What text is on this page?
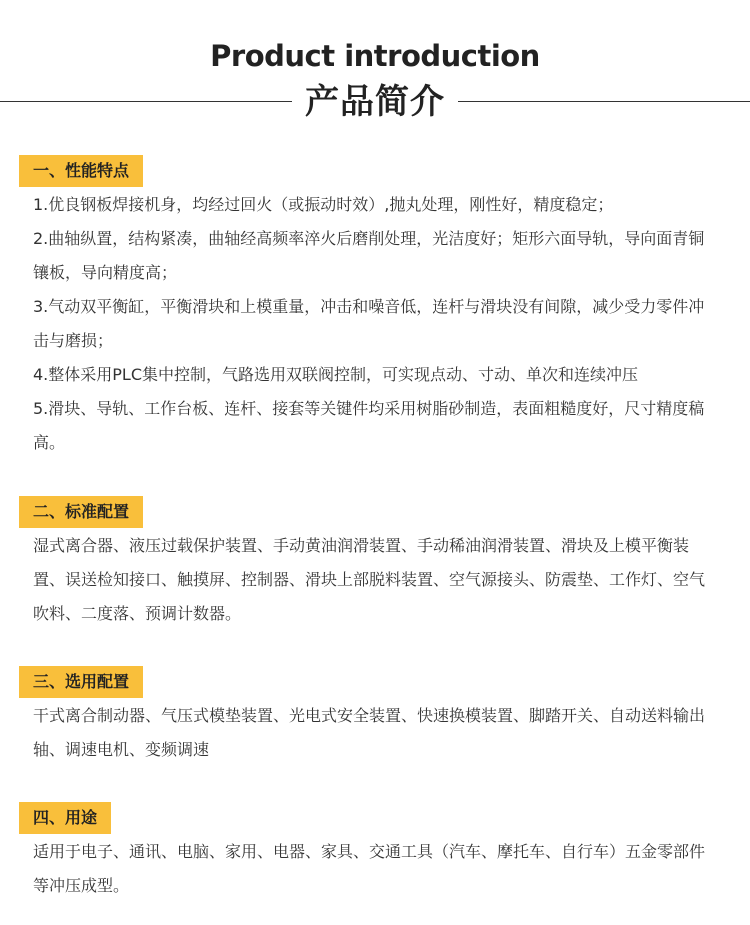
Product introduction
产品简介
一、性能特点

1.优良钢板焊接机身，均经过回火（或振动时效）,抛丸处理，刚性好，精度稳定；

2.曲轴纵置，结构紧凑，曲轴经高频率淬火后磨削处理，光洁度好；矩形六面导轨，导向面青铜镶板，导向精度高；

3.气动双平衡缸，平衡滑块和上模重量，冲击和噪音低，连杆与滑块没有间隙，减少受力零件冲击与磨损；

4.整体采用PLC集中控制，气路选用双联阀控制，可实现点动、寸动、单次和连续冲压

5.滑块、导轨、工作台板、连杆、接套等关键件均采用树脂砂制造，表面粗糙度好，尺寸精度稿高。

二、标准配置

湿式离合器、液压过载保护装置、手动黄油润滑装置、手动稀油润滑装置、滑块及上模平衡装置、误送检知接口、触摸屏、控制器、滑块上部脱料装置、空气源接头、防震垫、工作灯、空气吹料、二度落、预调计数器。

三、选用配置

干式离合制动器、气压式模垫装置、光电式安全装置、快速换模装置、脚踏开关、自动送料输出轴、调速电机、变频调速

四、用途

适用于电子、通讯、电脑、家用、电器、家具、交通工具（汽车、摩托车、自行车）五金零部件等冲压成型。
